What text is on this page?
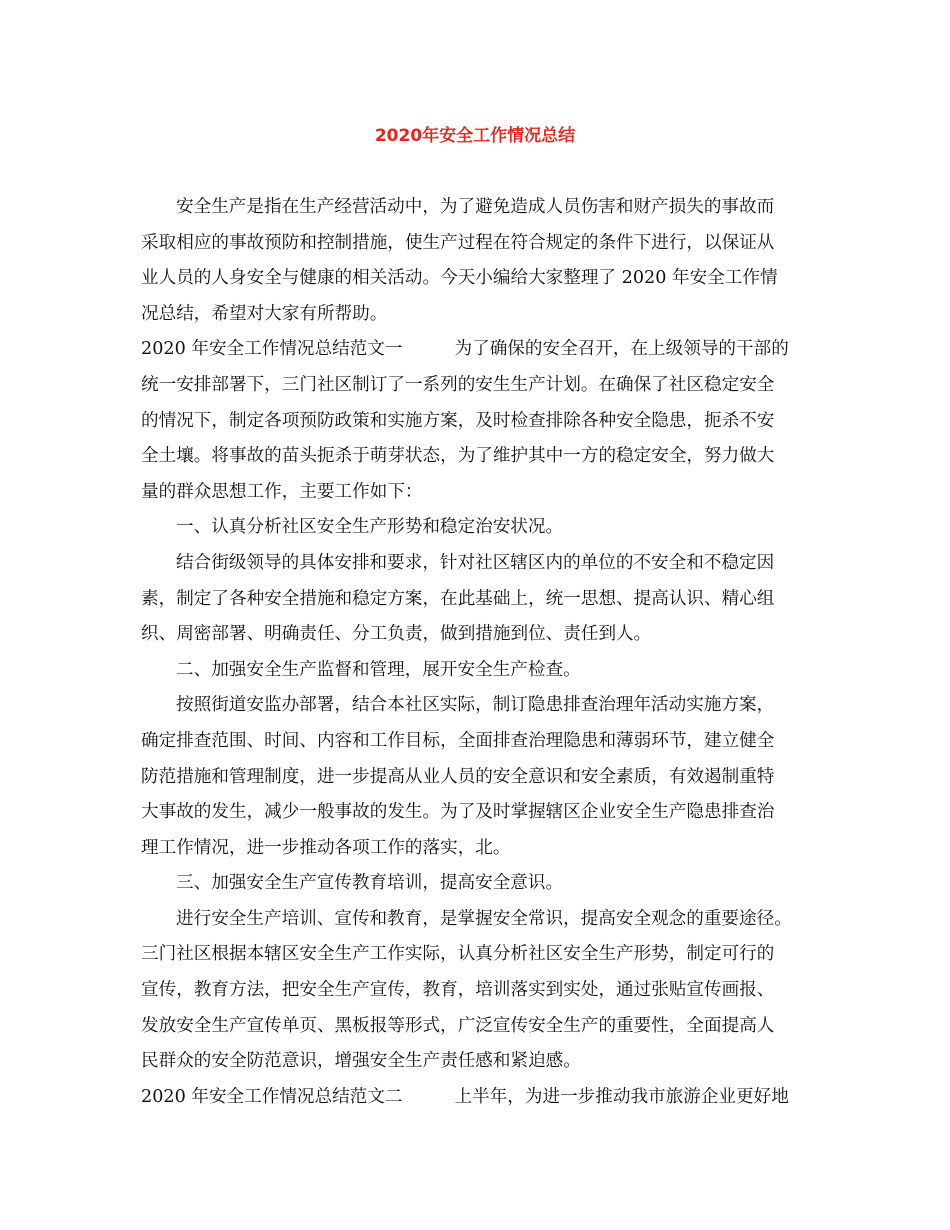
2020年安全工作情况总结
安全生产是指在生产经营活动中，为了避免造成人员伤害和财产损失的事故而
采取相应的事故预防和控制措施，使生产过程在符合规定的条件下进行，以保证从
业人员的人身安全与健康的相关活动。今天小编给大家整理了 2020 年安全工作情
况总结，希望对大家有所帮助。
2020 年安全工作情况总结范文一	为了确保的安全召开，在上级领导的干部的
统一安排部署下，三门社区制订了一系列的安生生产计划。在确保了社区稳定安全
的情况下，制定各项预防政策和实施方案，及时检查排除各种安全隐患，扼杀不安
全土壤。将事故的苗头扼杀于萌芽状态，为了维护其中一方的稳定安全，努力做大
量的群众思想工作，主要工作如下：
一、认真分析社区安全生产形势和稳定治安状况。
结合街级领导的具体安排和要求，针对社区辖区内的单位的不安全和不稳定因
素，制定了各种安全措施和稳定方案，在此基础上，统一思想、提高认识、精心组
织、周密部署、明确责任、分工负责，做到措施到位、责任到人。
二、加强安全生产监督和管理，展开安全生产检查。
按照街道安监办部署，结合本社区实际，制订隐患排查治理年活动实施方案，
确定排查范围、时间、内容和工作目标，全面排查治理隐患和薄弱环节，建立健全
防范措施和管理制度，进一步提高从业人员的安全意识和安全素质，有效遏制重特
大事故的发生，减少一般事故的发生。为了及时掌握辖区企业安全生产隐患排查治
理工作情况，进一步推动各项工作的落实，北。
三、加强安全生产宣传教育培训，提高安全意识。
进行安全生产培训、宣传和教育，是掌握安全常识，提高安全观念的重要途径。
三门社区根据本辖区安全生产工作实际，认真分析社区安全生产形势，制定可行的
宣传，教育方法，把安全生产宣传，教育，培训落实到实处，通过张贴宣传画报、
发放安全生产宣传单页、黑板报等形式，广泛宣传安全生产的重要性，全面提高人
民群众的安全防范意识，增强安全生产责任感和紧迫感。
2020 年安全工作情况总结范文二	上半年，为进一步推动我市旅游企业更好地
